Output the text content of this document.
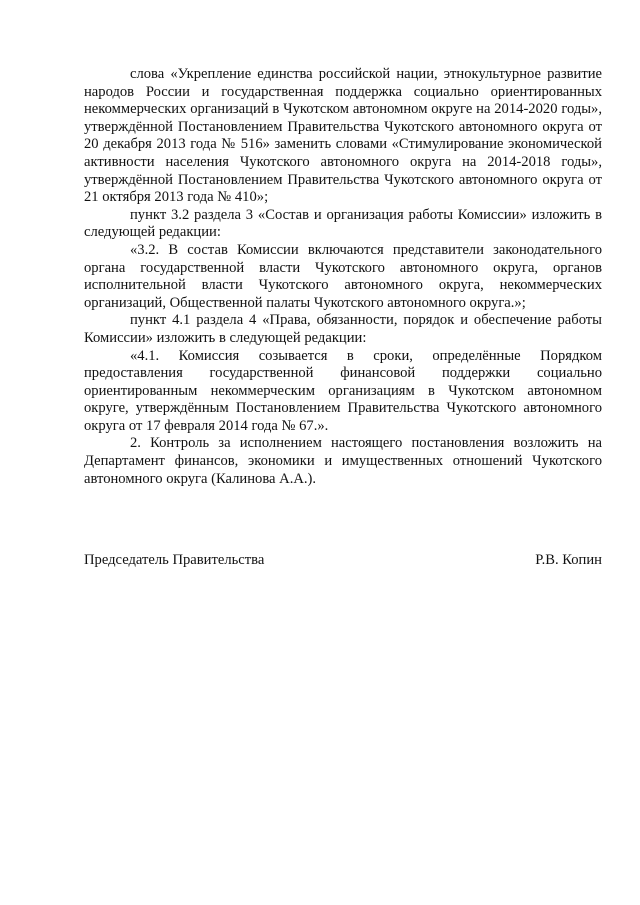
слова «Укрепление единства российской нации, этнокультурное развитие народов России и государственная поддержка социально ориентированных некоммерческих организаций в Чукотском автономном округе на 2014-2020 годы», утверждённой Постановлением Правительства Чукотского автономного округа от 20 декабря 2013 года № 516» заменить словами «Стимулирование экономической активности населения Чукотского автономного округа на 2014-2018 годы», утверждённой Постановлением Правительства Чукотского автономного округа от 21 октября 2013 года № 410»;

пункт 3.2 раздела 3 «Состав и организация работы Комиссии» изложить в следующей редакции:

«3.2. В состав Комиссии включаются представители законодательного органа государственной власти Чукотского автономного округа, органов исполнительной власти Чукотского автономного округа, некоммерческих организаций, Общественной палаты Чукотского автономного округа.»;

пункт 4.1 раздела 4 «Права, обязанности, порядок и обеспечение работы Комиссии» изложить в следующей редакции:

«4.1. Комиссия созывается в сроки, определённые Порядком предоставления государственной финансовой поддержки социально ориентированным некоммерческим организациям в Чукотском автономном округе, утверждённым Постановлением Правительства Чукотского автономного округа от 17 февраля 2014 года № 67.».

2. Контроль за исполнением настоящего постановления возложить на Департамент финансов, экономики и имущественных отношений Чукотского автономного округа (Калинова А.А.).

Председатель Правительства	Р.В. Копин
